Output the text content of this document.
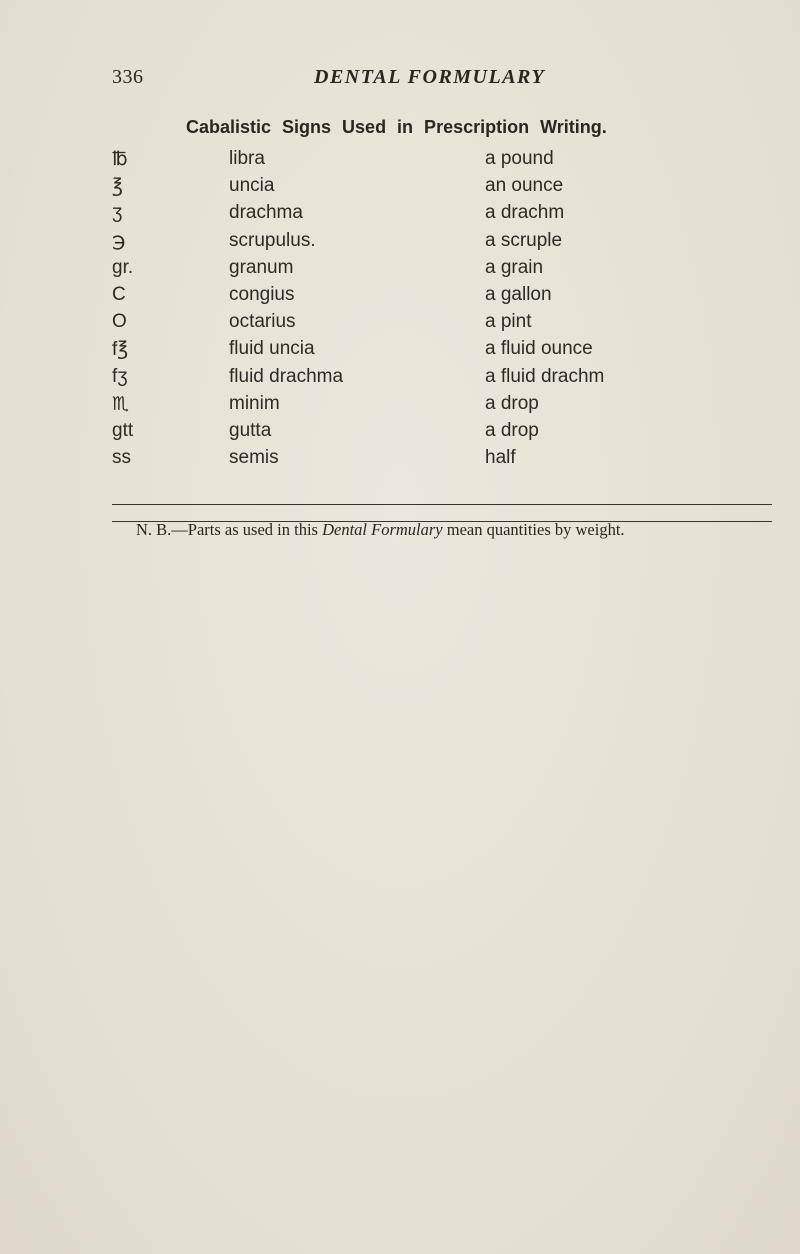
336	DENTAL FORMULARY
Cabalistic Signs Used in Prescription Writing.
℔	libra	a pound
℥	uncia	an ounce
ʒ	drachma	a drachm
℈	scrupulus.	a scruple
gr.	granum	a grain
C	congius	a gallon
O	octarius	a pint
f℥	fluid uncia	a fluid ounce
fʒ	fluid drachma	a fluid drachm
♏	minim	a drop
gtt	gutta	a drop
ss	semis	half
N. B.—Parts as used in this Dental Formulary mean quantities by weight.
